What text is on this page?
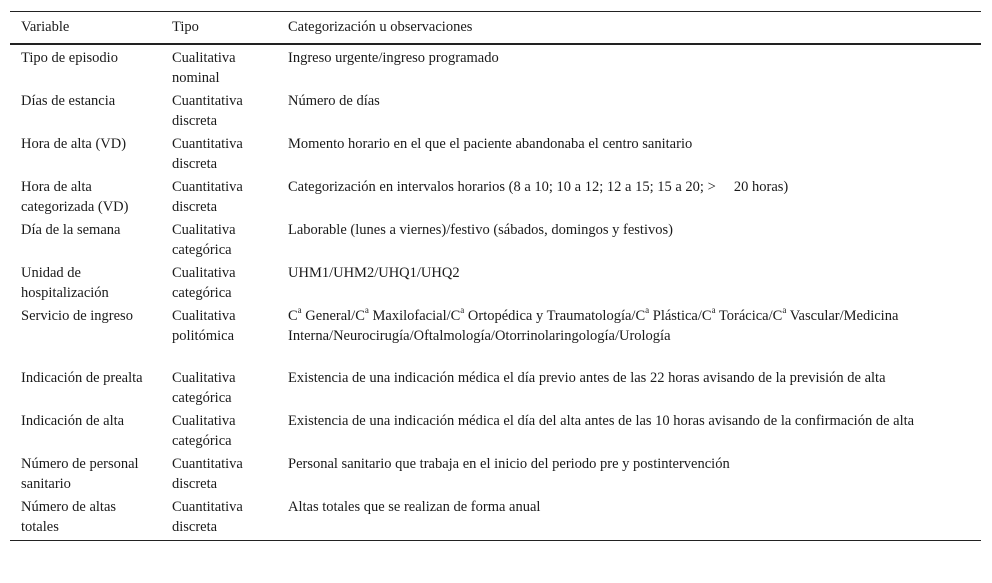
Variable	Tipo	Categorización u observaciones
Tipo de episodio	Cualitativa nominal	Ingreso urgente/ingreso programado
Días de estancia	Cuantitativa discreta	Número de días
Hora de alta (VD)	Cuantitativa discreta	Momento horario en el que el paciente abandonaba el centro sanitario
Hora de alta categorizada (VD)	Cuantitativa discreta	Categorización en intervalos horarios (8 a 10; 10 a 12; 12 a 15; 15 a 20; >  20 horas)
Día de la semana	Cualitativa categórica	Laborable (lunes a viernes)/festivo (sábados, domingos y festivos)
Unidad de hospitalización	Cualitativa categórica	UHM1/UHM2/UHQ1/UHQ2
Servicio de ingreso	Cualitativa politómica	$C^a$ General/$C^a$ Maxilofacial/$C^a$ Ortopédica y Traumatología/$C^a$ Plástica/$C^a$ Torácica/$C^a$ Vascular/Medicina Interna/Neurocirugía/Oftalmología/Otorrinolaringología/Urología
Indicación de prealta	Cualitativa categórica	Existencia de una indicación médica el día previo antes de las 22 horas avisando de la previsión de alta
Indicación de alta	Cualitativa categórica	Existencia de una indicación médica el día del alta antes de las 10 horas avisando de la confirmación de alta
Número de personal sanitario	Cuantitativa discreta	Personal sanitario que trabaja en el inicio del periodo pre y postintervención
Número de altas totales	Cuantitativa discreta	Altas totales que se realizan de forma anual
